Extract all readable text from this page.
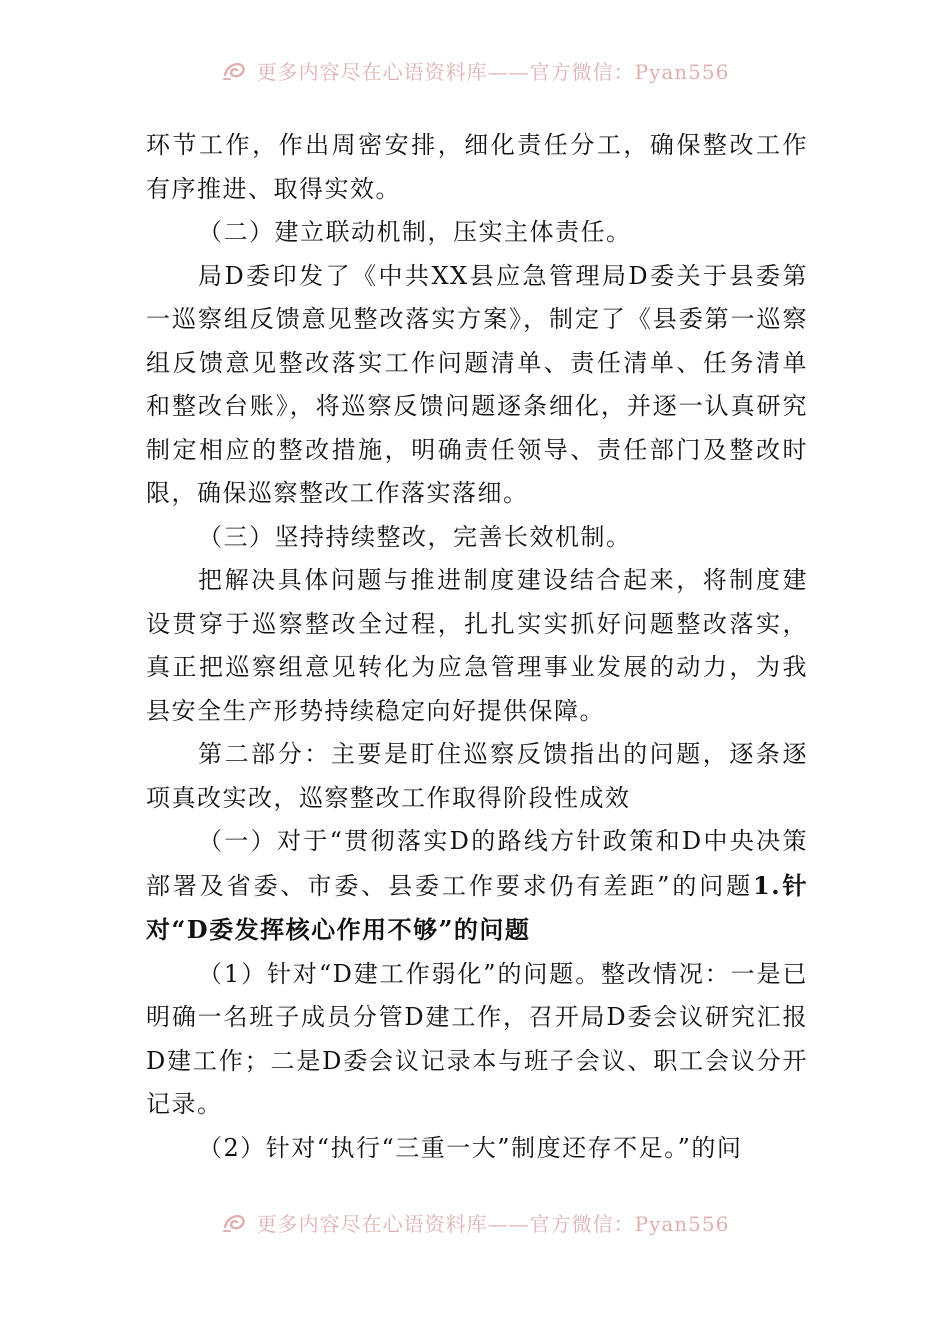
更多内容尽在心语资料库——官方微信：Pyan556

环节工作，作出周密安排，细化责任分工，确保整改工作有序推进、取得实效。

（二）建立联动机制，压实主体责任。

局D委印发了《中共XX县应急管理局D委关于县委第一巡察组反馈意见整改落实方案》，制定了《县委第一巡察组反馈意见整改落实工作问题清单、责任清单、任务清单和整改台账》，将巡察反馈问题逐条细化，并逐一认真研究制定相应的整改措施，明确责任领导、责任部门及整改时限，确保巡察整改工作落实落细。

（三）坚持持续整改，完善长效机制。

把解决具体问题与推进制度建设结合起来，将制度建设贯穿于巡察整改全过程，扎扎实实抓好问题整改落实，真正把巡察组意见转化为应急管理事业发展的动力，为我县安全生产形势持续稳定向好提供保障。

第二部分：主要是盯住巡察反馈指出的问题，逐条逐项真改实改，巡察整改工作取得阶段性成效

（一）对于“贯彻落实D的路线方针政策和D中央决策部署及省委、市委、县委工作要求仍有差距”的问题1.针对“D委发挥核心作用不够”的问题

（1）针对“D建工作弱化”的问题。整改情况：一是已明确一名班子成员分管D建工作，召开局D委会议研究汇报D建工作；二是D委会议记录本与班子会议、职工会议分开记录。

（2）针对“执行“三重一大”制度还存不足。”的问

更多内容尽在心语资料库——官方微信：Pyan556
